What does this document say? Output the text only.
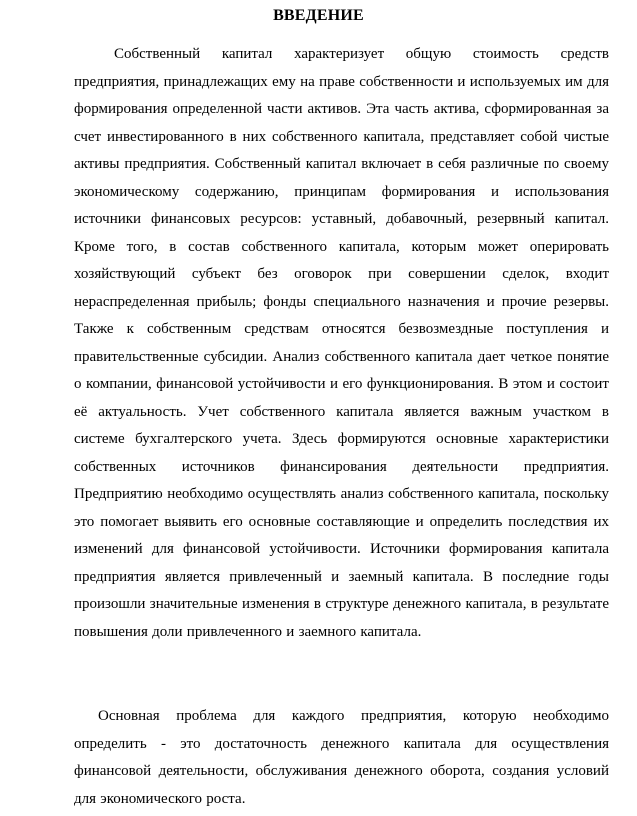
ВВЕДЕНИЕ

Собственный капитал характеризует общую стоимость средств предприятия, принадлежащих ему на праве собственности и используемых им для формирования определенной части активов. Эта часть актива, сформированная за счет инвестированного в них собственного капитала, представляет собой чистые активы предприятия. Собственный капитал включает в себя различные по своему экономическому содержанию, принципам формирования и использования источники финансовых ресурсов: уставный, добавочный, резервный капитал. Кроме того, в состав собственного капитала, которым может оперировать хозяйствующий субъект без оговорок при совершении сделок, входит нераспределенная прибыль; фонды специального назначения и прочие резервы. Также к собственным средствам относятся безвозмездные поступления и правительственные субсидии. Анализ собственного капитала дает четкое понятие о компании, финансовой устойчивости и его функционирования. В этом и состоит её актуальность. Учет собственного капитала является важным участком в системе бухгалтерского учета. Здесь формируются основные характеристики собственных источников финансирования деятельности предприятия. Предприятию необходимо осуществлять анализ собственного капитала, поскольку это помогает выявить его основные составляющие и определить последствия их изменений для финансовой устойчивости. Источники формирования капитала предприятия является привлеченный и заемный капитала. В последние годы произошли значительные изменения в структуре денежного капитала, в результате повышения доли привлеченного и заемного капитала.

Основная проблема для каждого предприятия, которую необходимо определить - это достаточность денежного капитала для осуществления финансовой деятельности, обслуживания денежного оборота, создания условий для экономического роста.
